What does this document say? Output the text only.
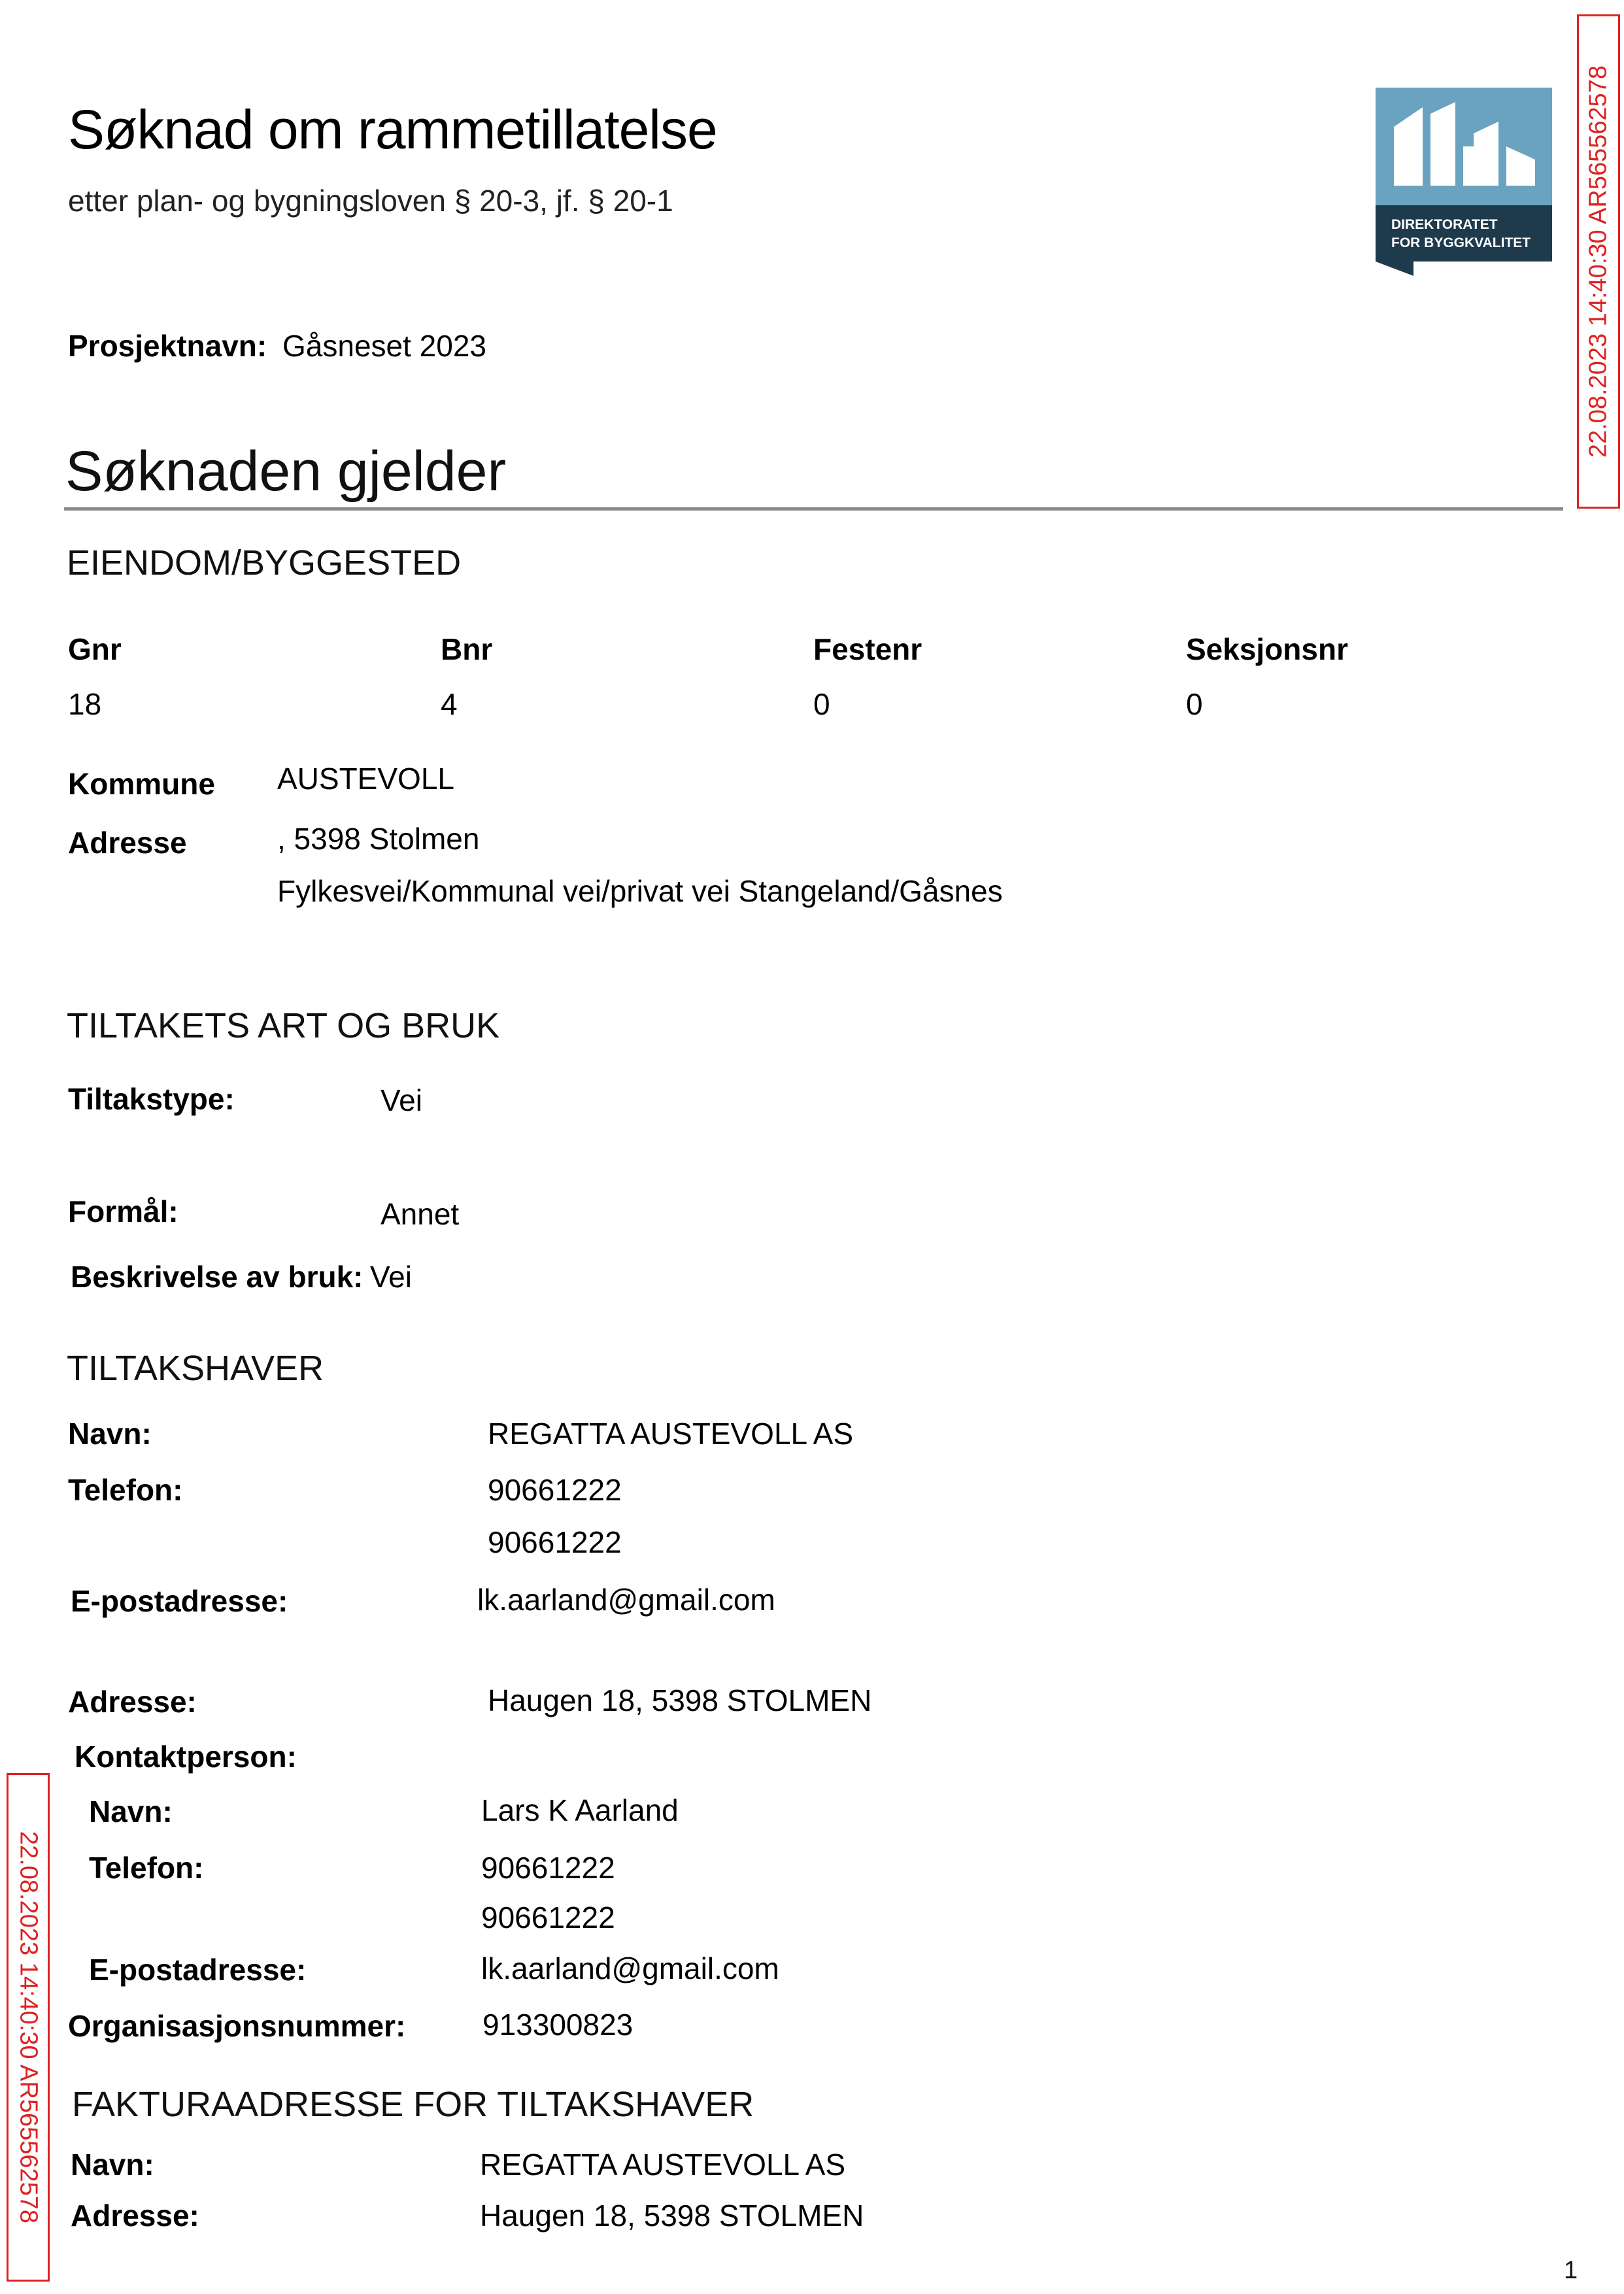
Søknad om rammetillatelse
etter plan- og bygningsloven § 20-3, jf. § 20-1
DIREKTORATET
FOR BYGGKVALITET 22.08.2023 14:40:30 AR565562578
Prosjektnavn: Gåsneset 2023
Søknaden gjelder
EIENDOM/BYGGESTED
Gnr	Bnr	Festenr	Seksjonsnr
18	4	0	0
Kommune AUSTEVOLL
Adresse	, 5398 Stolmen
Fylkesvei/Kommunal vei/privat vei Stangeland/Gåsnes
TILTAKETS ART OG BRUK
Tiltakstype:	Vei
Formål:	Annet
Beskrivelse av bruk: Vei
TILTAKSHAVER
Navn:	REGATTA AUSTEVOLL AS
Telefon:	90661222
90661222
E-postadresse:	lk.aarland@gmail.com
Adresse:	Haugen 18, 5398 STOLMEN
Kontaktperson:
Navn:	Lars K Aarland
Telefon:	90661222
90661222
E-postadresse:	lk.aarland@gmail.com
Organisasjonsnummer:	913300823
FAKTURAADRESSE FOR TILTAKSHAVER
Navn:	REGATTA AUSTEVOLL AS
Adresse:	Haugen 18, 5398 STOLMEN
22.08.2023 14:40:30 AR565562578
1
